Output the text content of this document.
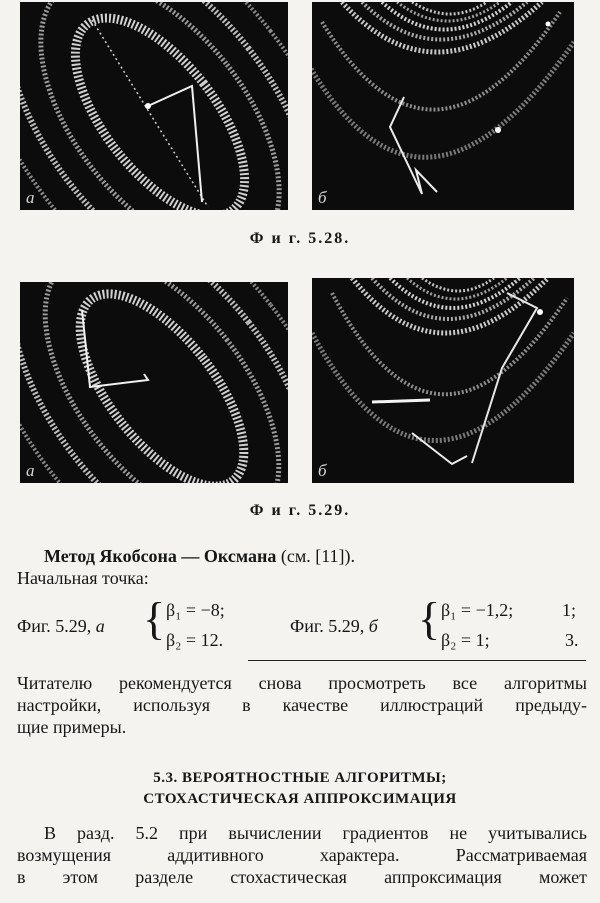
а	б
Ф и г. 5.28.
а	б
Ф и г. 5.29.
Метод Якобсона — Оксмана (см. [11]).
Начальная точка:
Фиг. 5.29, а { β₁ = −8;
β₂ = 12.
Фиг. 5.29, б { β₁ = −1,2;	1;
β₂ = 1;	3.
Читателю рекомендуется снова просмотреть все алгоритмы
настройки, используя в качестве иллюстраций предыду-
щие примеры.
5.3. ВЕРОЯТНОСТНЫЕ АЛГОРИТМЫ;
СТОХАСТИЧЕСКАЯ АППРОКСИМАЦИЯ
В разд. 5.2 при вычислении градиентов не учитывались
возмущения аддитивного характера. Рассматриваемая
в этом разделе стохастическая аппроксимация может
